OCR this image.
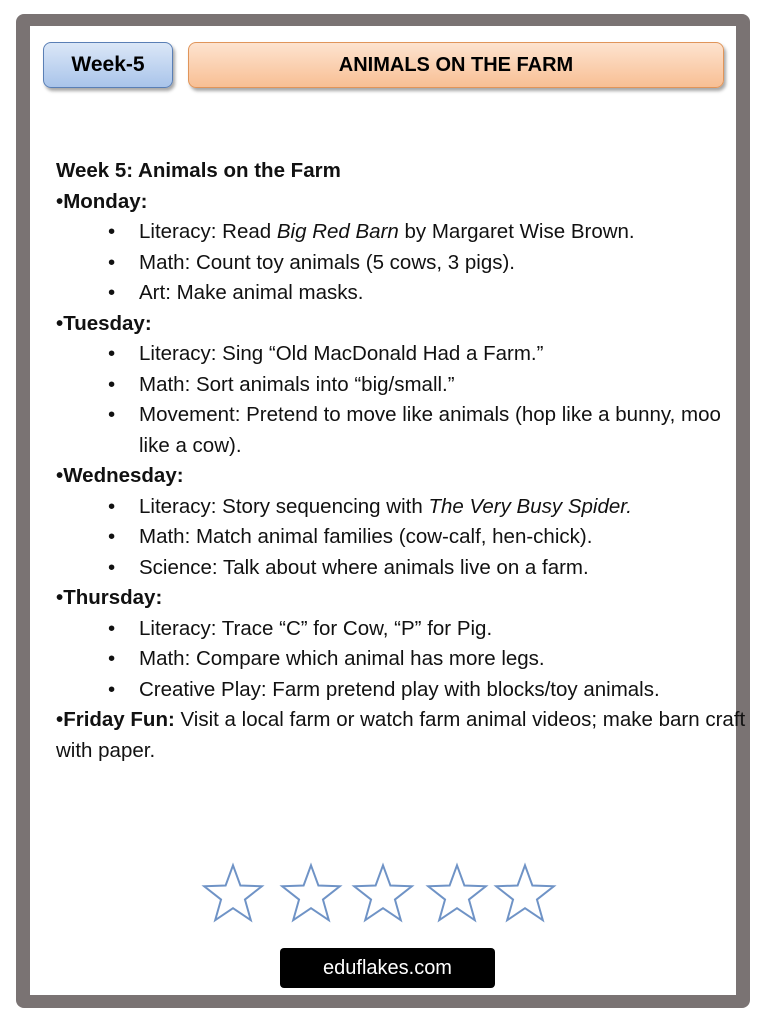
Week-5	ANIMALS ON THE FARM
Week 5: Animals on the Farm
•Monday:
• Literacy: Read Big Red Barn by Margaret Wise Brown.
• Math: Count toy animals (5 cows, 3 pigs).
• Art: Make animal masks.
•Tuesday:
• Literacy: Sing “Old MacDonald Had a Farm.”
• Math: Sort animals into “big/small.”
• Movement: Pretend to move like animals (hop like a bunny, moo like a cow).
•Wednesday:
• Literacy: Story sequencing with The Very Busy Spider.
• Math: Match animal families (cow-calf, hen-chick).
• Science: Talk about where animals live on a farm.
•Thursday:
• Literacy: Trace “C” for Cow, “P” for Pig.
• Math: Compare which animal has more legs.
• Creative Play: Farm pretend play with blocks/toy animals.
•Friday Fun: Visit a local farm or watch farm animal videos; make barn craft with paper.
eduflakes.com
